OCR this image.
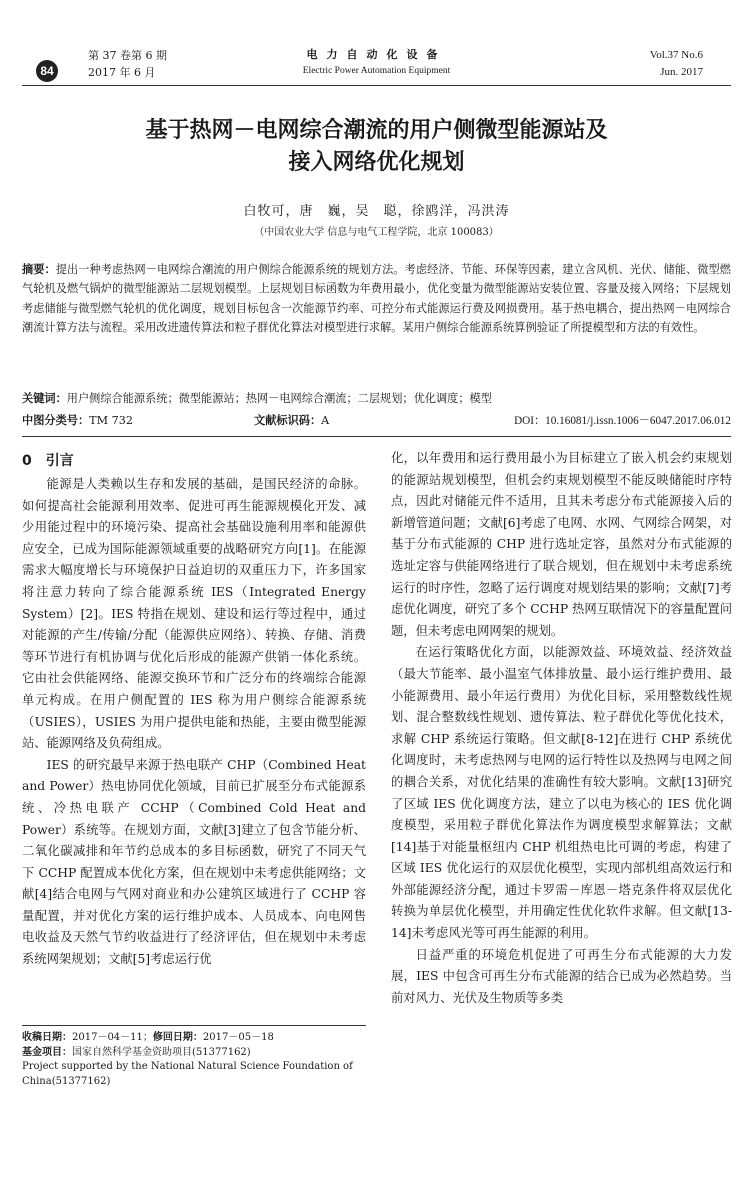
第 37 卷第 6 期
2017 年 6 月
84
电力自动化设备
Electric Power Automation Equipment
Vol.37 No.6
Jun. 2017
基于热网－电网综合潮流的用户侧微型能源站及
接入网络优化规划
白牧可，唐　巍，吴　聪，徐鸥洋，冯洪涛
（中国农业大学 信息与电气工程学院，北京 100083）
摘要：提出一种考虑热网－电网综合潮流的用户侧综合能源系统的规划方法。考虑经济、节能、环保等因素，建立含风机、光伏、储能、微型燃气轮机及燃气锅炉的微型能源站二层规划模型。上层规划目标函数为年费用最小，优化变量为微型能源站安装位置、容量及接入网络；下层规划考虑储能与微型燃气轮机的优化调度，规划目标包含一次能源节约率、可控分布式能源运行费及网损费用。基于热电耦合，提出热网－电网综合潮流计算方法与流程。采用改进遗传算法和粒子群优化算法对模型进行求解。某用户侧综合能源系统算例验证了所提模型和方法的有效性。
关键词：用户侧综合能源系统；微型能源站；热网－电网综合潮流；二层规划；优化调度；模型
中图分类号：TM 732	文献标识码：A	DOI：10.16081/j.issn.1006－6047.2017.06.012

0　引言

能源是人类赖以生存和发展的基础，是国民经济的命脉。如何提高社会能源利用效率、促进可再生能源规模化开发、减少用能过程中的环境污染、提高社会基础设施利用率和能源供应安全，已成为国际能源领域重要的战略研究方向[1]。在能源需求大幅度增长与环境保护日益迫切的双重压力下，许多国家将注意力转向了综合能源系统 IES（Integrated Energy System）[2]。IES 特指在规划、建设和运行等过程中，通过对能源的产生/传输/分配（能源供应网络）、转换、存储、消费等环节进行有机协调与优化后形成的能源产供销一体化系统。它由社会供能网络、能源交换环节和广泛分布的终端综合能源单元构成。在用户侧配置的 IES 称为用户侧综合能源系统（USIES），USIES 为用户提供电能和热能，主要由微型能源站、能源网络及负荷组成。

IES 的研究最早来源于热电联产 CHP（Combined Heat and Power）热电协同优化领域，目前已扩展至分布式能源系统、冷热电联产 CCHP（Combined Cold Heat and Power）系统等。在规划方面，文献[3]建立了包含节能分析、二氧化碳减排和年节约总成本的多目标函数，研究了不同天气下 CCHP 配置成本优化方案，但在规划中未考虑供能网络；文献[4]结合电网与气网对商业和办公建筑区域进行了 CCHP 容量配置，并对优化方案的运行维护成本、人员成本、向电网售电收益及天然气节约收益进行了经济评估，但在规划中未考虑系统网架规划；文献[5]考虑运行优

化，以年费用和运行费用最小为目标建立了嵌入机会约束规划的能源站规划模型，但机会约束规划模型不能反映储能时序特点，因此对储能元件不适用，且其未考虑分布式能源接入后的新增管道问题；文献[6]考虑了电网、水网、气网综合网架，对基于分布式能源的 CHP 进行选址定容，虽然对分布式能源的选址定容与供能网络进行了联合规划，但在规划中未考虑系统运行的时序性，忽略了运行调度对规划结果的影响；文献[7]考虑优化调度，研究了多个 CCHP 热网互联情况下的容量配置问题，但未考虑电网网架的规划。

在运行策略优化方面，以能源效益、环境效益、经济效益（最大节能率、最小温室气体排放量、最小运行维护费用、最小能源费用、最小年运行费用）为优化目标，采用整数线性规划、混合整数线性规划、遗传算法、粒子群优化等优化技术，求解 CHP 系统运行策略。但文献[8-12]在进行 CHP 系统优化调度时，未考虑热网与电网的运行特性以及热网与电网之间的耦合关系，对优化结果的准确性有较大影响。文献[13]研究了区域 IES 优化调度方法，建立了以电为核心的 IES 优化调度模型，采用粒子群优化算法作为调度模型求解算法；文献[14]基于对能量枢纽内 CHP 机组热电比可调的考虑，构建了区域 IES 优化运行的双层优化模型，实现内部机组高效运行和外部能源经济分配，通过卡罗需－库恩－塔克条件将双层优化转换为单层优化模型，并用确定性优化软件求解。但文献[13-14]未考虑风光等可再生能源的利用。

日益严重的环境危机促进了可再生分布式能源的大力发展，IES 中包含可再生分布式能源的结合已成为必然趋势。当前对风力、光伏及生物质等多类

收稿日期：2017－04－11；修回日期：2017－05－18
基金项目：国家自然科学基金资助项目(51377162)
Project supported by the National Natural Science Foundation of China(51377162)
